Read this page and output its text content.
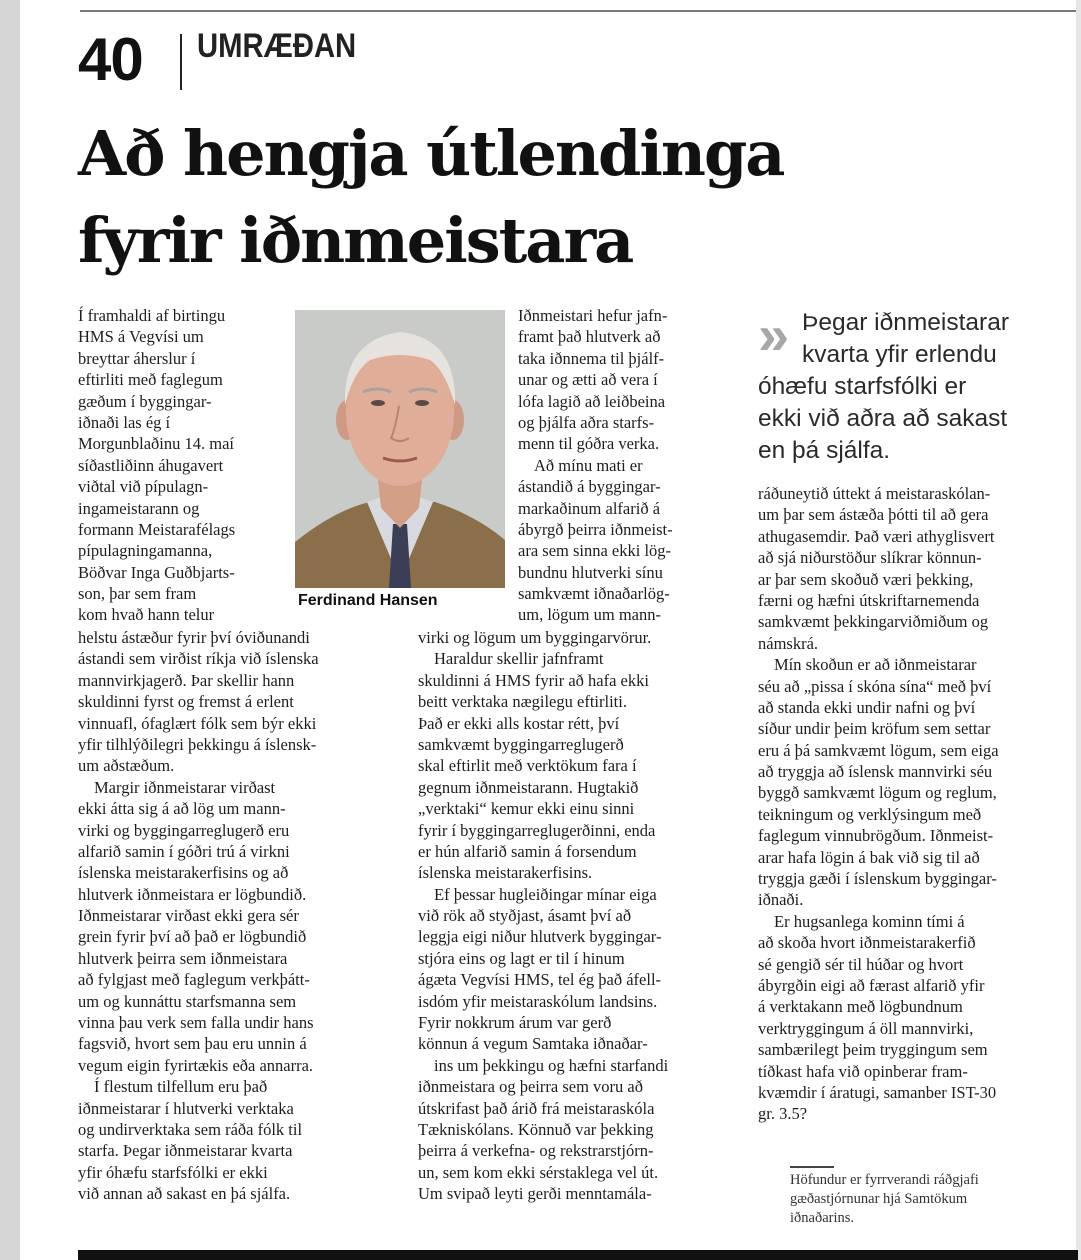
40 UMRÆÐAN
Að hengja útlendinga
fyrir iðnmeistara
Í framhaldi af birtingu
HMS á Vegvísi um
breyttar áherslur í
eftirliti með faglegum
gæðum í byggingar-
iðnaði las ég í
Morgunblaðinu 14. maí
síðastliðinn áhugavert
viðtal við pípulagn-
ingameistarann og
formann Meistarafélags
pípulagningamanna,
Böðvar Inga Guðbjarts-
son, þar sem fram
kom hvað hann telur
Iðnmeistari hefur jafn-
framt það hlutverk að
taka iðnnema til þjálf-
unar og ætti að vera í
lófa lagið að leiðbeina
og þjálfa aðra starfs-
menn til góðra verka.
Að mínu mati er
ástandið á byggingar-
markaðinum alfarið á
ábyrgð þeirra iðnmeist-
ara sem sinna ekki lög-
bundnu hlutverki sínu
samkvæmt iðnaðarlög-
um, lögum um mann-
helstu ástæður fyrir því óviðunandi
ástandi sem virðist ríkja við íslenska
mannvirkjagerð. Þar skellir hann
skuldinni fyrst og fremst á erlent
vinnuafl, ófaglært fólk sem býr ekki
yfir tilhlýðilegri þekkingu á íslensk-
um aðstæðum.
Margir iðnmeistarar virðast
ekki átta sig á að lög um mann-
virki og byggingarreglugerð eru
alfarið samin í góðri trú á virkni
íslenska meistarakerfisins og að
hlutverk iðnmeistara er lögbundið.
Iðnmeistarar virðast ekki gera sér
grein fyrir því að það er lögbundið
hlutverk þeirra sem iðnmeistara
að fylgjast með faglegum verkþátt-
um og kunnáttu starfsmanna sem
vinna þau verk sem falla undir hans
fagsvið, hvort sem þau eru unnin á
vegum eigin fyrirtækis eða annarra.
Í flestum tilfellum eru það
iðnmeistarar í hlutverki verktaka
og undirverktaka sem ráða fólk til
starfa. Þegar iðnmeistarar kvarta
yfir óhæfu starfsfólki er ekki
við annan að sakast en þá sjálfa.
virki og lögum um byggingarvörur.
Haraldur skellir jafnframt
skuldinni á HMS fyrir að hafa ekki
beitt verktaka nægilegu eftirliti.
Það er ekki alls kostar rétt, því
samkvæmt byggingarreglugerð
skal eftirlit með verktökum fara í
gegnum iðnmeistarann. Hugtakið
„verktaki“ kemur ekki einu sinni
fyrir í byggingarreglugerðinni, enda
er hún alfarið samin á forsendum
íslenska meistarakerfisins.
Ef þessar hugleiðingar mínar eiga
við rök að styðjast, ásamt því að
leggja eigi niður hlutverk byggingar-
stjóra eins og lagt er til í hinum
ágæta Vegvísi HMS, tel ég það áfell-
isdóm yfir meistaraskólum landsins.
Fyrir nokkrum árum var gerð
könnun á vegum Samtaka iðnaðar-
ins um þekkingu og hæfni starfandi
iðnmeistara og þeirra sem voru að
útskrifast það árið frá meistaraskóla
Tækniskólans. Könnuð var þekking
þeirra á verkefna- og rekstrarstjórn-
un, sem kom ekki sérstaklega vel út.
Um svipað leyti gerði menntamála-
ráðuneytið úttekt á meistaraskólan-
um þar sem ástæða þótti til að gera
athugasemdir. Það væri athyglisvert
að sjá niðurstöður slíkrar könnun-
ar þar sem skoðuð væri þekking,
færni og hæfni útskriftarnemenda
samkvæmt þekkingarviðmiðum og
námskrá.
Mín skoðun er að iðnmeistarar
séu að „pissa í skóna sína“ með því
að standa ekki undir nafni og því
síður undir þeim kröfum sem settar
eru á þá samkvæmt lögum, sem eiga
að tryggja að íslensk mannvirki séu
byggð samkvæmt lögum og reglum,
teikningum og verklýsingum með
faglegum vinnubrögðum. Iðnmeist-
arar hafa lögin á bak við sig til að
tryggja gæði í íslenskum byggingar-
iðnaði.
Er hugsanlega kominn tími á
að skoða hvort iðnmeistarakerfið
sé gengið sér til húðar og hvort
ábyrgðin eigi að færast alfarið yfir
á verktakann með lögbundnum
verktryggingum á öll mannvirki,
sambærilegt þeim tryggingum sem
tíðkast hafa við opinberar fram-
kvæmdir í áratugi, samanber IST-30
gr. 3.5?
Ferdinand Hansen
» Þegar iðnmeistarar
kvarta yfir erlendu
óhæfu starfsfólki er
ekki við aðra að sakast
en þá sjálfa.
Höfundur er fyrrverandi ráðgjafi
gæðastjórnunar hjá Samtökum
iðnaðarins.
